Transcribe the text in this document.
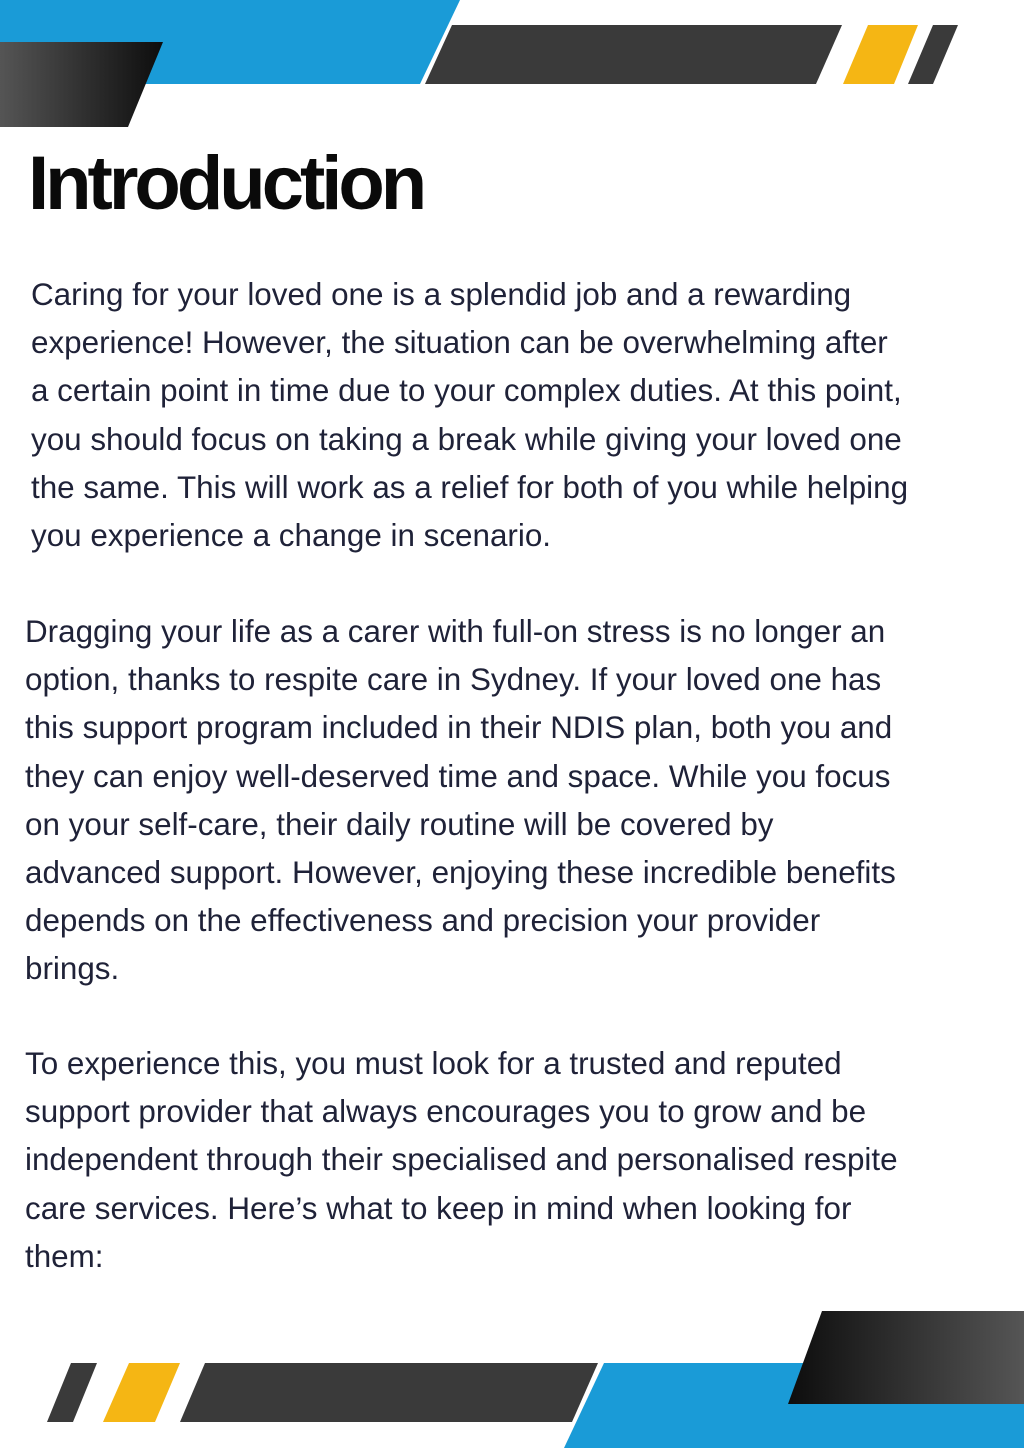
Introduction
Caring for your loved one is a splendid job and a rewarding
experience! However, the situation can be overwhelming after
a certain point in time due to your complex duties. At this point,
you should focus on taking a break while giving your loved one
the same. This will work as a relief for both of you while helping
you experience a change in scenario.
Dragging your life as a carer with full-on stress is no longer an
option, thanks to respite care in Sydney. If your loved one has
this support program included in their NDIS plan, both you and
they can enjoy well-deserved time and space. While you focus
on your self-care, their daily routine will be covered by
advanced support. However, enjoying these incredible benefits
depends on the effectiveness and precision your provider
brings.
To experience this, you must look for a trusted and reputed
support provider that always encourages you to grow and be
independent through their specialised and personalised respite
care services. Here’s what to keep in mind when looking for
them:
